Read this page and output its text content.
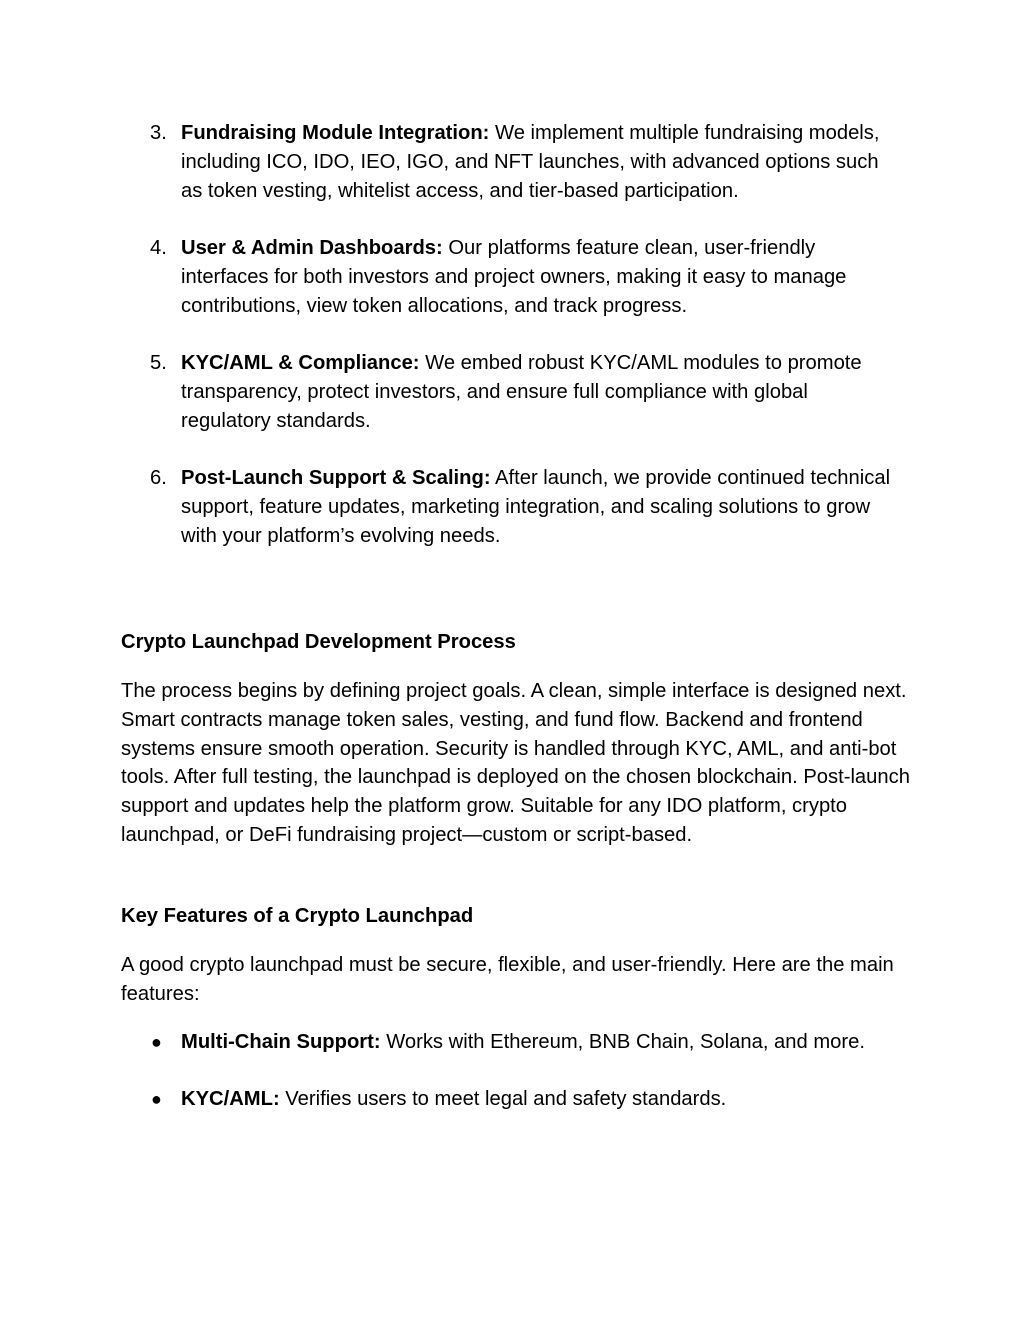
3. Fundraising Module Integration: We implement multiple fundraising models, including ICO, IDO, IEO, IGO, and NFT launches, with advanced options such as token vesting, whitelist access, and tier-based participation.
4. User & Admin Dashboards: Our platforms feature clean, user-friendly interfaces for both investors and project owners, making it easy to manage contributions, view token allocations, and track progress.
5. KYC/AML & Compliance: We embed robust KYC/AML modules to promote transparency, protect investors, and ensure full compliance with global regulatory standards.
6. Post-Launch Support & Scaling: After launch, we provide continued technical support, feature updates, marketing integration, and scaling solutions to grow with your platform’s evolving needs.
Crypto Launchpad Development Process
The process begins by defining project goals. A clean, simple interface is designed next. Smart contracts manage token sales, vesting, and fund flow. Backend and frontend systems ensure smooth operation. Security is handled through KYC, AML, and anti-bot tools. After full testing, the launchpad is deployed on the chosen blockchain. Post-launch support and updates help the platform grow. Suitable for any IDO platform, crypto launchpad, or DeFi fundraising project—custom or script-based.
Key Features of a Crypto Launchpad
A good crypto launchpad must be secure, flexible, and user-friendly. Here are the main features:
● Multi-Chain Support: Works with Ethereum, BNB Chain, Solana, and more.
● KYC/AML: Verifies users to meet legal and safety standards.
